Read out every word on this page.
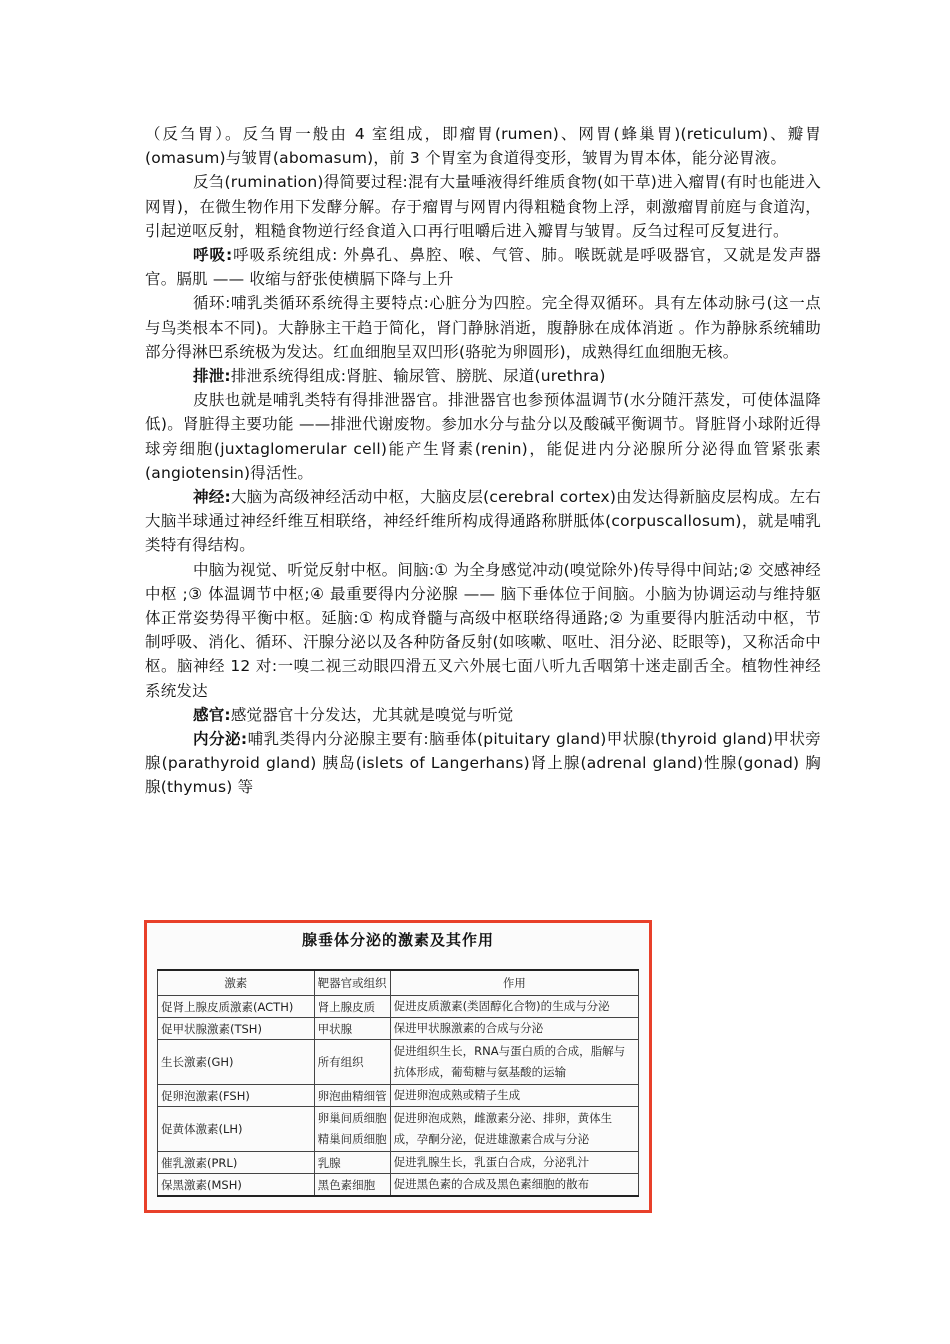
（反刍胃）。反刍胃一般由 4 室组成，即瘤胃(rumen)、网胃(蜂巢胃)(reticulum)、瓣胃(omasum)与皱胃(abomasum)，前 3 个胃室为食道得变形，皱胃为胃本体，能分泌胃液。

反刍(rumination)得简要过程:混有大量唾液得纤维质食物(如干草)进入瘤胃(有时也能进入网胃)，在微生物作用下发酵分解。存于瘤胃与网胃内得粗糙食物上浮，刺激瘤胃前庭与食道沟，引起逆呕反射，粗糙食物逆行经食道入口再行咀嚼后进入瓣胃与皱胃。反刍过程可反复进行。

呼吸:呼吸系统组成: 外鼻孔、鼻腔、喉、气管、肺。喉既就是呼吸器官，又就是发声器官。膈肌 —— 收缩与舒张使横膈下降与上升

循环:哺乳类循环系统得主要特点:心脏分为四腔。完全得双循环。具有左体动脉弓(这一点与鸟类根本不同)。大静脉主干趋于简化，肾门静脉消逝，腹静脉在成体消逝 。作为静脉系统辅助部分得淋巴系统极为发达。红血细胞呈双凹形(骆驼为卵圆形)，成熟得红血细胞无核。

排泄:排泄系统得组成:肾脏、输尿管、膀胱、尿道(urethra)

皮肤也就是哺乳类特有得排泄器官。排泄器官也参预体温调节(水分随汗蒸发，可使体温降低)。肾脏得主要功能 ——排泄代谢废物。参加水分与盐分以及酸碱平衡调节。肾脏肾小球附近得球旁细胞(juxtaglomerular cell)能产生肾素(renin)，能促进内分泌腺所分泌得血管紧张素(angiotensin)得活性。

神经:大脑为高级神经活动中枢，大脑皮层(cerebral cortex)由发达得新脑皮层构成。左右大脑半球通过神经纤维互相联络，神经纤维所构成得通路称胼胝体(corpuscallosum)，就是哺乳类特有得结构。

中脑为视觉、听觉反射中枢。间脑:① 为全身感觉冲动(嗅觉除外)传导得中间站;② 交感神经中枢 ;③ 体温调节中枢;④ 最重要得内分泌腺 —— 脑下垂体位于间脑。小脑为协调运动与维持躯体正常姿势得平衡中枢。延脑:① 构成脊髓与高级中枢联络得通路;② 为重要得内脏活动中枢，节制呼吸、消化、循环、汗腺分泌以及各种防备反射(如咳嗽、呕吐、泪分泌、眨眼等)，又称活命中枢。脑神经 12 对:一嗅二视三动眼四滑五叉六外展七面八听九舌咽第十迷走副舌全。植物性神经系统发达

感官:感觉器官十分发达，尤其就是嗅觉与听觉

内分泌:哺乳类得内分泌腺主要有:脑垂体(pituitary gland)甲状腺(thyroid gland)甲状旁腺(parathyroid gland) 胰岛(islets of Langerhans)肾上腺(adrenal gland)性腺(gonad) 胸腺(thymus) 等

腺垂体分泌的激素及其作用
激素	靶器官或组织	作用
促肾上腺皮质激素(ACTH)	肾上腺皮质	促进皮质激素(类固醇化合物)的生成与分泌
促甲状腺激素(TSH)	甲状腺	保进甲状腺激素的合成与分泌
生长激素(GH)	所有组织	促进组织生长，RNA与蛋白质的合成，脂解与抗体形成，葡萄糖与氨基酸的运输
促卵泡激素(FSH)	卵泡曲精细管	促进卵泡成熟或精子生成
促黄体激素(LH)	卵巢间质细胞精巢间质细胞	促进卵泡成熟，雌激素分泌、排卵，黄体生成，孕酮分泌，促进雄激素合成与分泌
催乳激素(PRL)	乳腺	促进乳腺生长，乳蛋白合成，分泌乳汁
保黑激素(MSH)	黑色素细胞	促进黑色素的合成及黑色素细胞的散布
